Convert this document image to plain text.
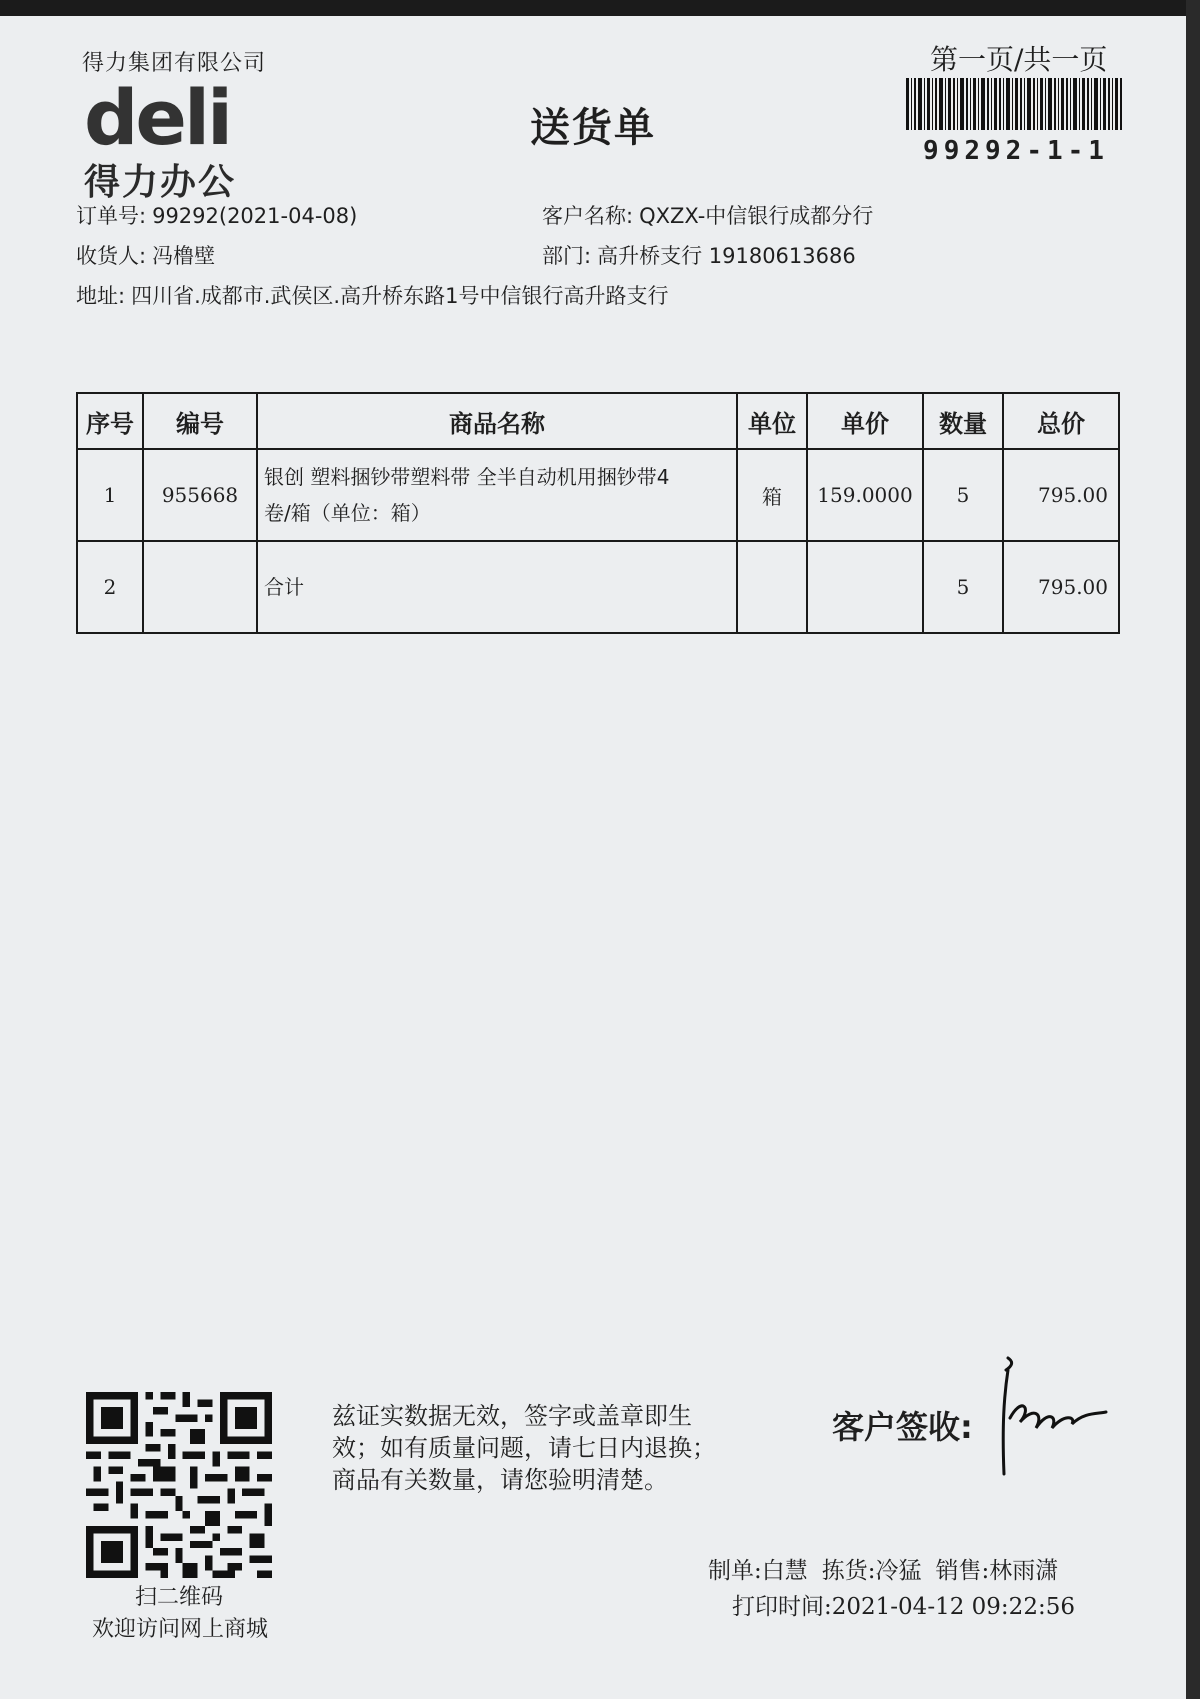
得力集团有限公司
deli
得力办公
送货单
第一页/共一页
99292-1-1
订单号: 99292(2021-04-08)	客户名称: QXZX-中信银行成都分行
收货人: 冯橹壁	部门: 高升桥支行 19180613686
地址: 四川省.成都市.武侯区.高升桥东路1号中信银行高升路支行
序号	编号	商品名称	单位	单价	数量	总价
1	955668	银创 塑料捆钞带塑料带 全半自动机用捆钞带4
卷/箱（单位：箱）	箱	159.0000	5	795.00
2		合计			5	795.00
扫二维码
欢迎访问网上商城
兹证实数据无效，签字或盖章即生
效；如有质量问题，请七日内退换；
商品有关数量，请您验明清楚。
客户签收:
制单:白慧 拣货:冷猛 销售:林雨潇
打印时间:2021-04-12 09:22:56
